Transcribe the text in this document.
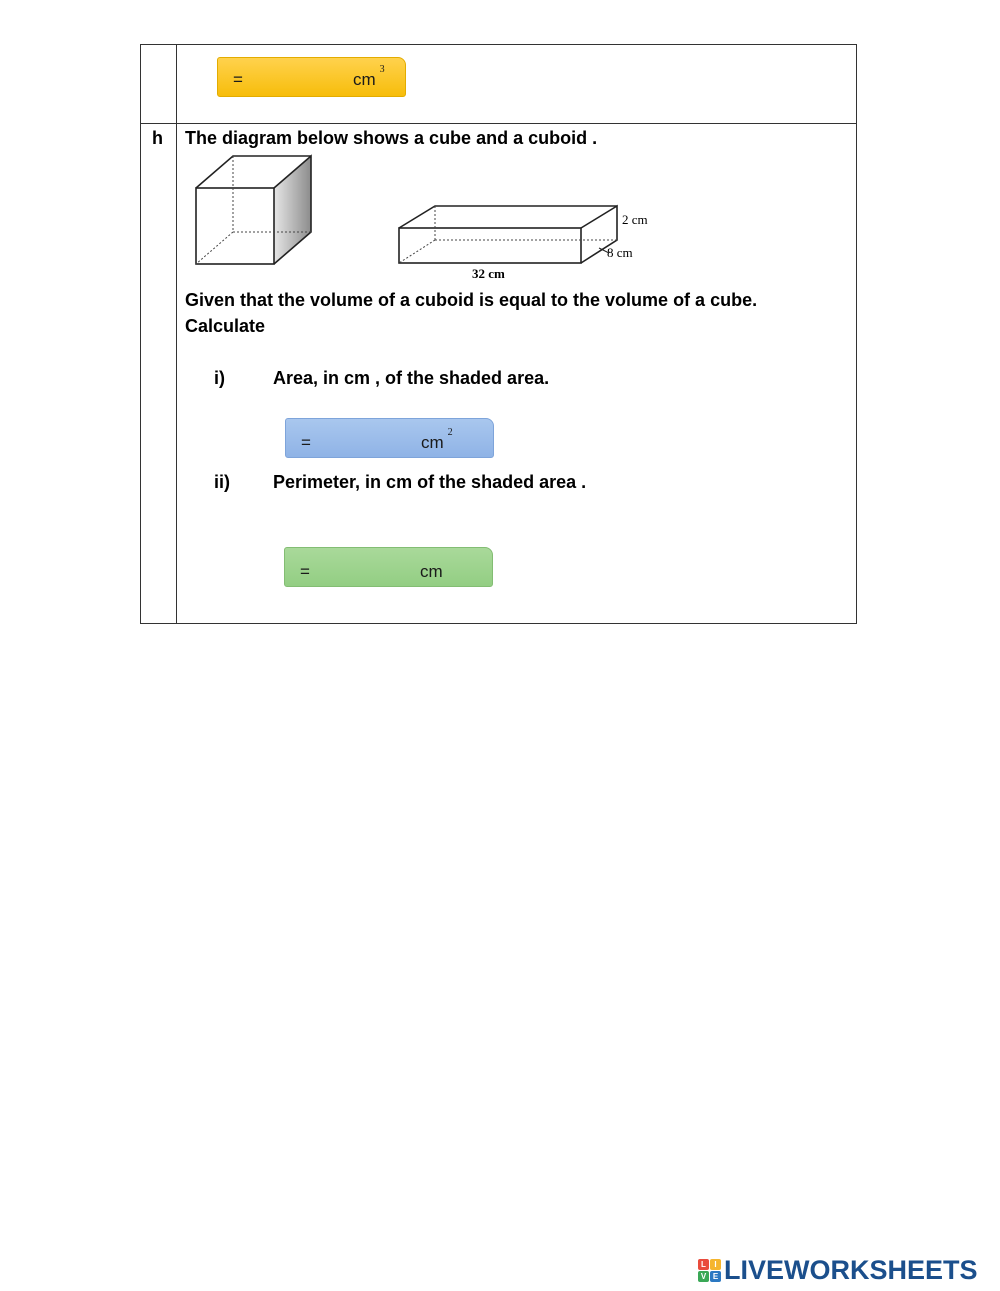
=	$cm^3$
h The diagram below shows a cube and a cuboid .
2 cm
8 cm
32 cm
Given that the volume of a cuboid is equal to the volume of a cube.
Calculate
i)	Area, in cm , of the shaded area.
=	$cm^2$
ii) Perimeter, in cm of the shaded area .
=	cm
L	I
V E LIVEWORKSHEETS
